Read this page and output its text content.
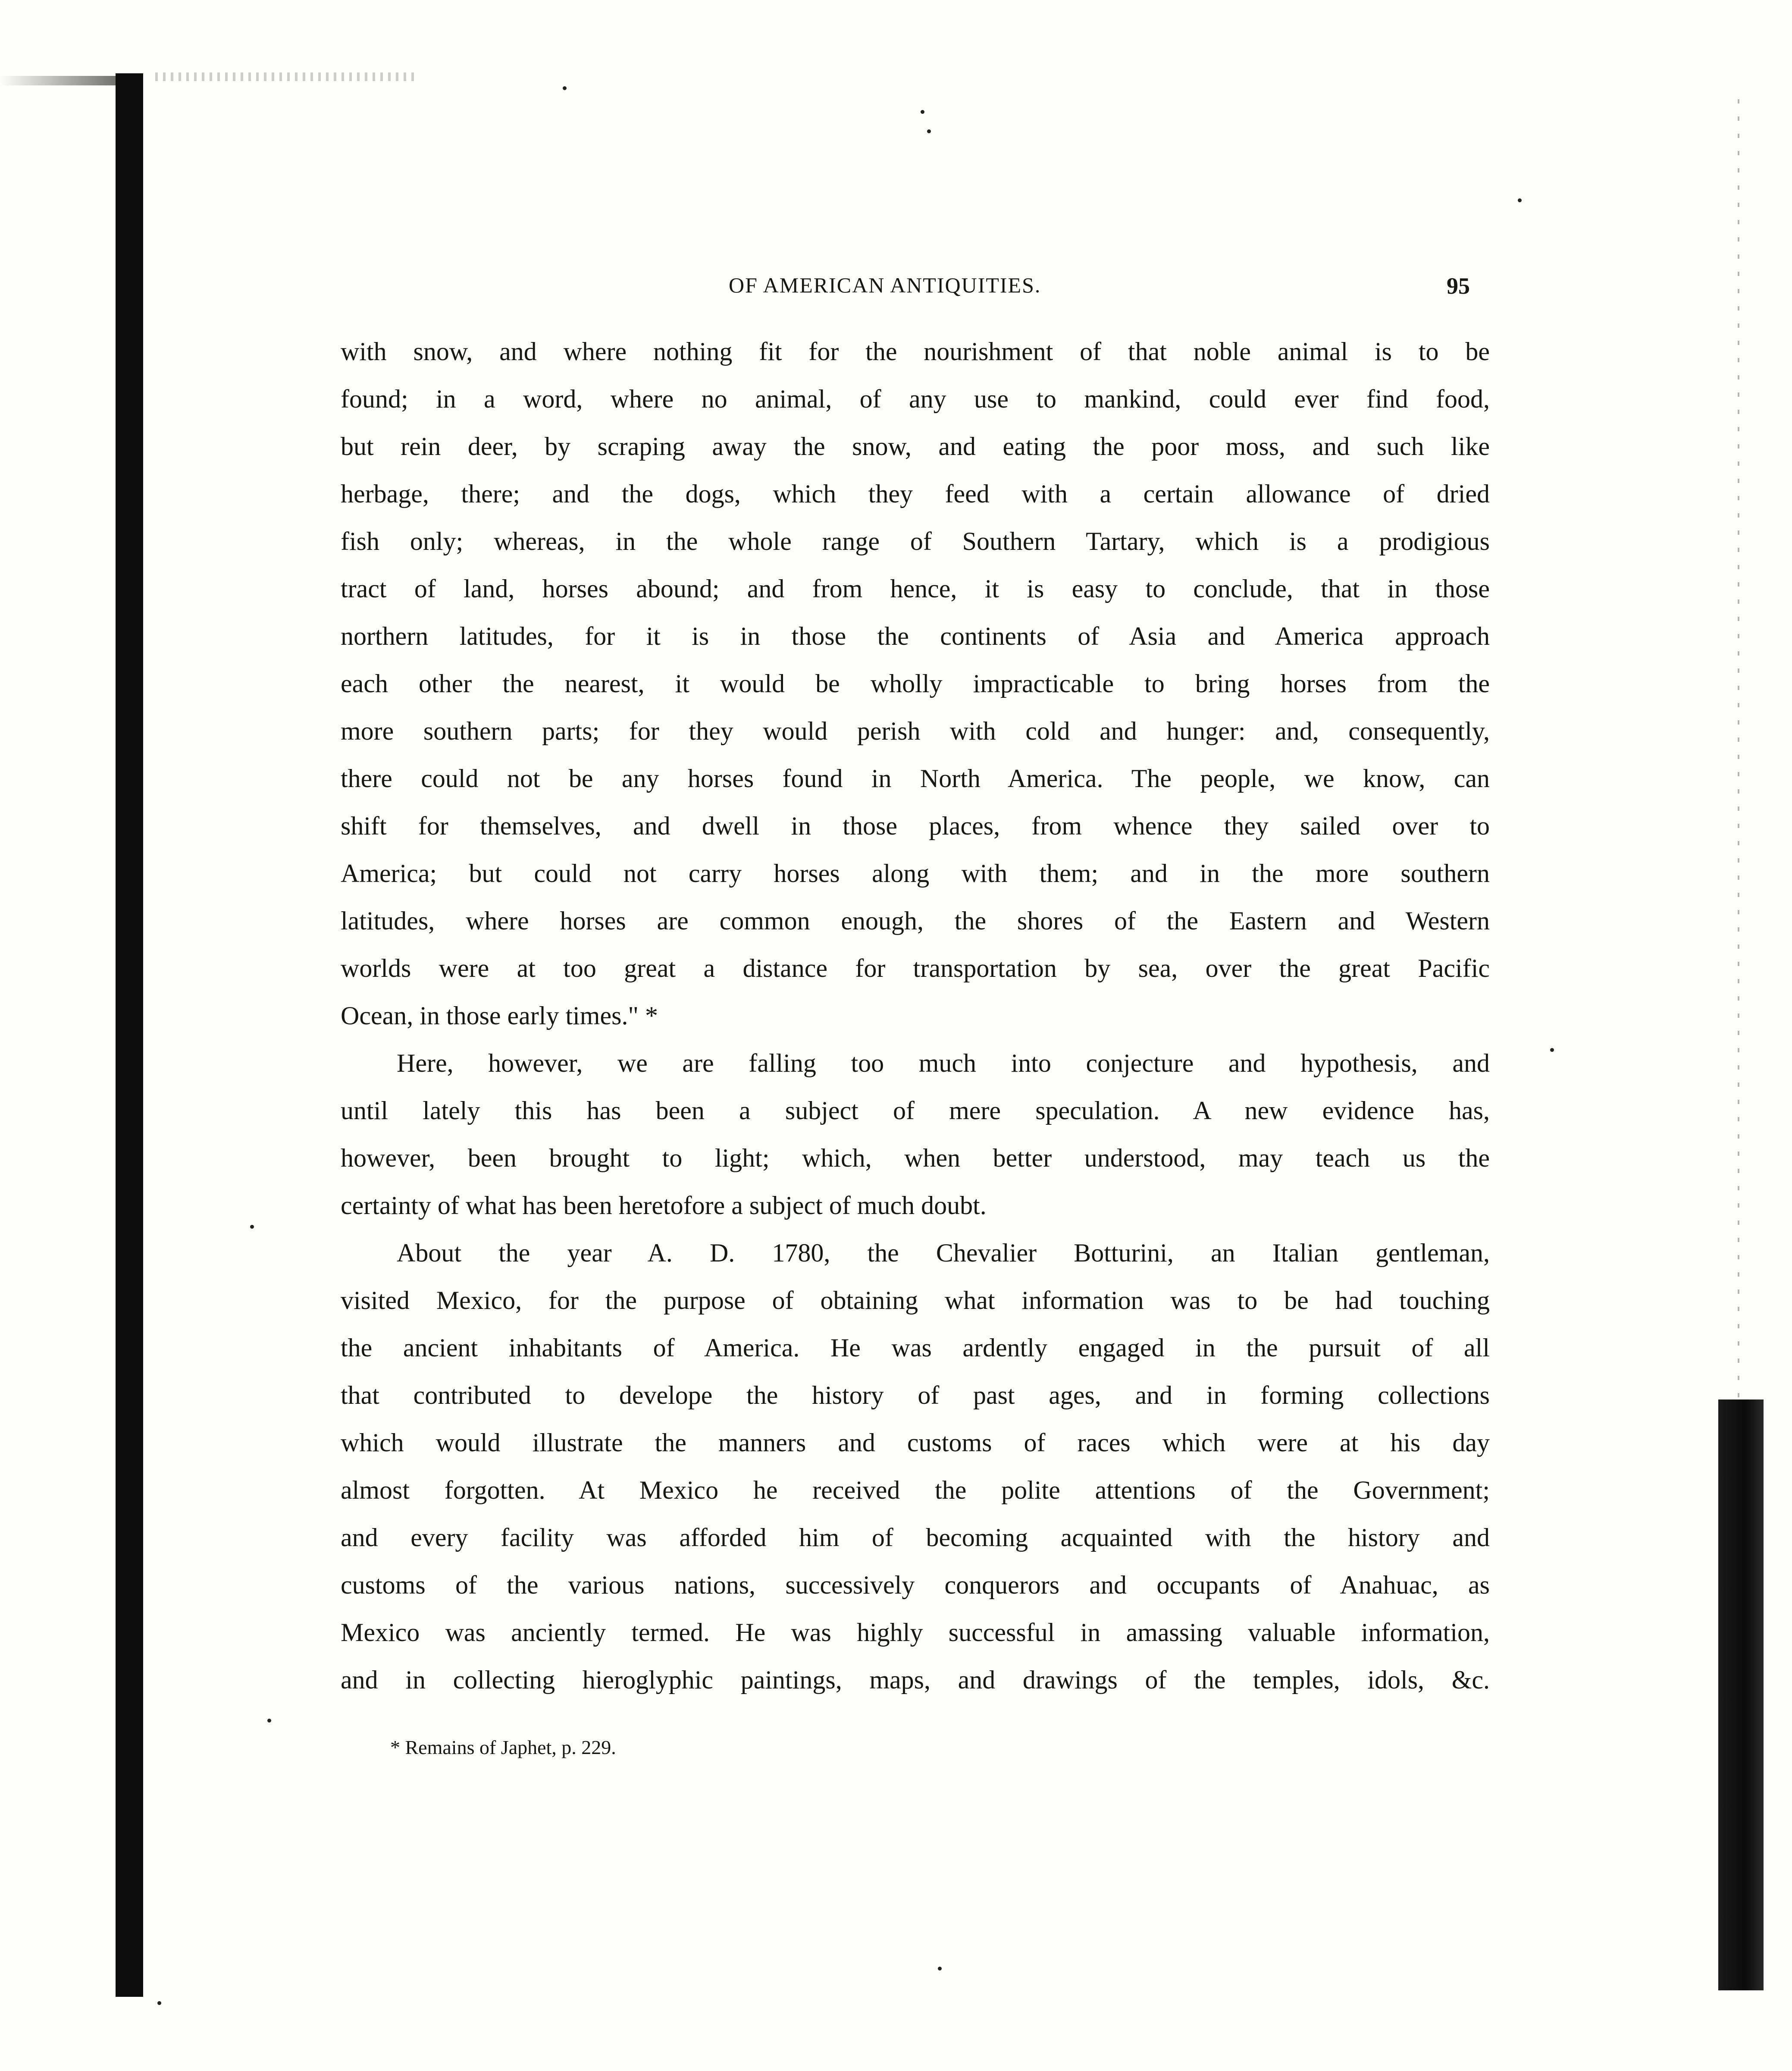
OF AMERICAN ANTIQUITIES.	95
with snow, and where nothing fit for the nourishment of that noble animal is to be
found; in a word, where no animal, of any use to mankind, could ever find food,
but rein deer, by scraping away the snow, and eating the poor moss, and such like
herbage, there; and the dogs, which they feed with a certain allowance of dried
fish only; whereas, in the whole range of Southern Tartary, which is a prodigious
tract of land, horses abound; and from hence, it is easy to conclude, that in those
northern latitudes, for it is in those the continents of Asia and America approach
each other the nearest, it would be wholly impracticable to bring horses from the
more southern parts; for they would perish with cold and hunger: and, consequently,
there could not be any horses found in North America. The people, we know, can
shift for themselves, and dwell in those places, from whence they sailed over to
America; but could not carry horses along with them; and in the more southern
latitudes, where horses are common enough, the shores of the Eastern and Western
worlds were at too great a distance for transportation by sea, over the great Pacific
Ocean, in those early times." *
Here, however, we are falling too much into conjecture and hypothesis, and
until lately this has been a subject of mere speculation. A new evidence has,
however, been brought to light; which, when better understood, may teach us the
certainty of what has been heretofore a subject of much doubt.
About the year A. D. 1780, the Chevalier Botturini, an Italian gentleman,
visited Mexico, for the purpose of obtaining what information was to be had touching
the ancient inhabitants of America. He was ardently engaged in the pursuit of all
that contributed to develope the history of past ages, and in forming collections
which would illustrate the manners and customs of races which were at his day
almost forgotten. At Mexico he received the polite attentions of the Government;
and every facility was afforded him of becoming acquainted with the history and
customs of the various nations, successively conquerors and occupants of Anahuac, as
Mexico was anciently termed. He was highly successful in amassing valuable information,
and in collecting hieroglyphic paintings, maps, and drawings of the temples, idols, &c.
* Remains of Japhet, p. 229.
